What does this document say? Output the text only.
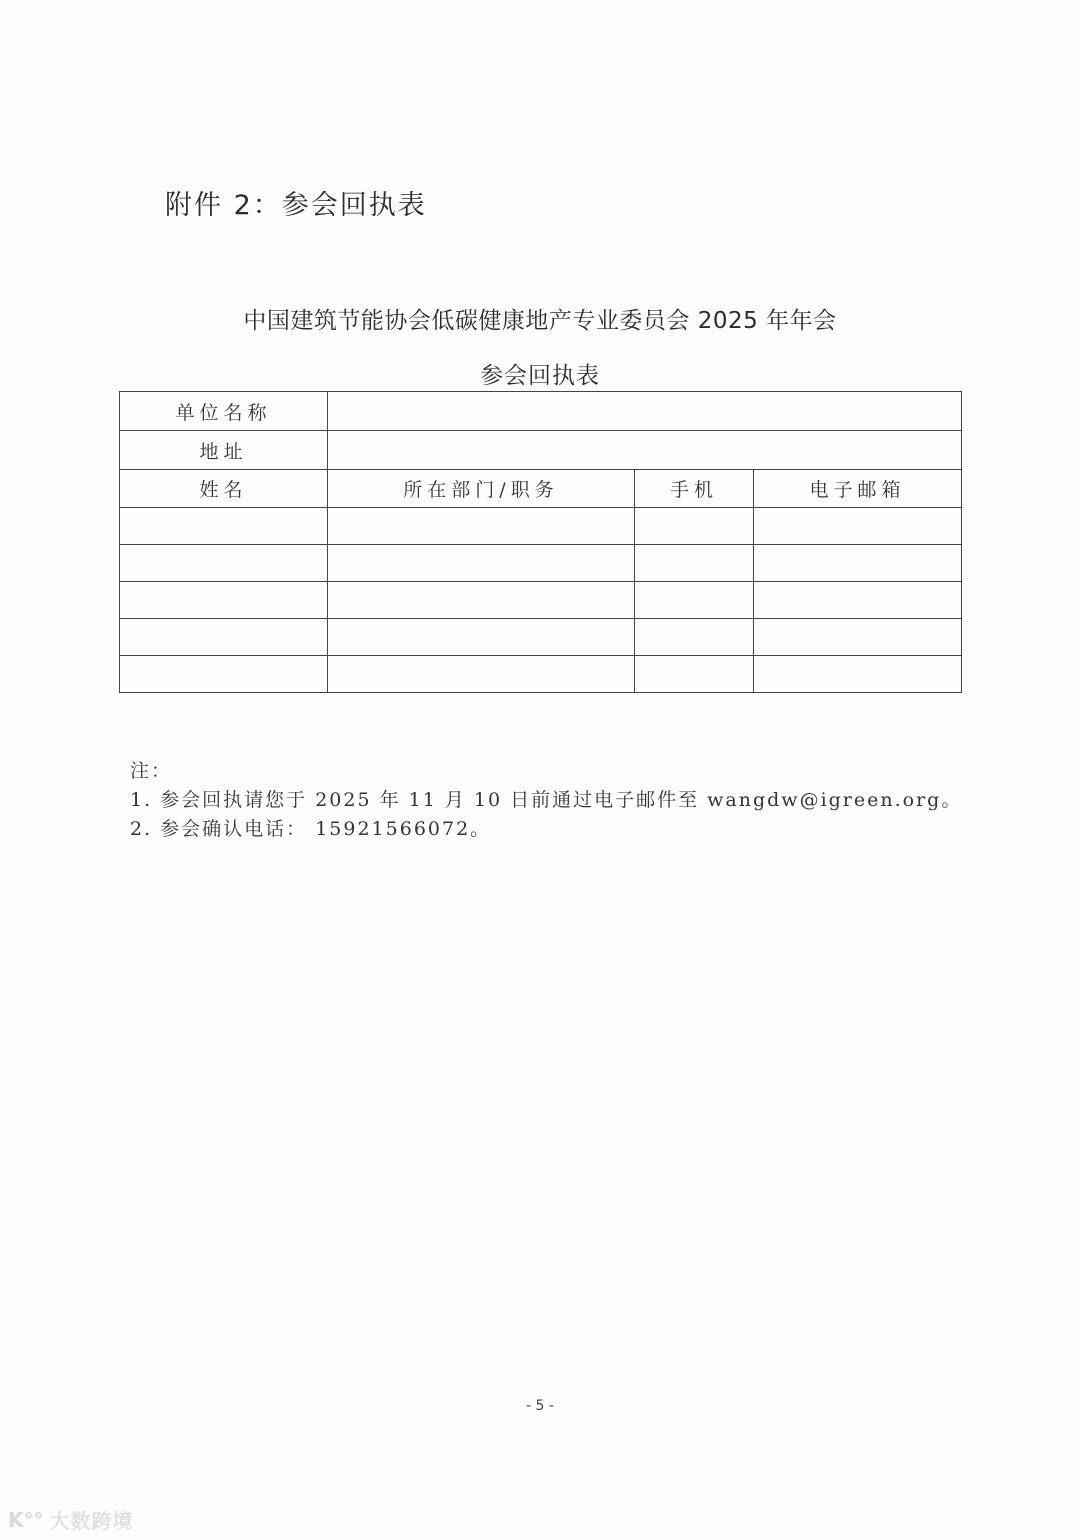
附件 2：参会回执表
中国建筑节能协会低碳健康地产专业委员会 2025 年年会
参会回执表
单位名称			
地址			
姓名	所在部门/职务	手机	电子邮箱

注：
1. 参会回执请您于 2025 年 11 月 10 日前通过电子邮件至 wangdw@igreen.org。
2. 参会确认电话： 15921566072。
- 5 -
K°° 大数跨境
